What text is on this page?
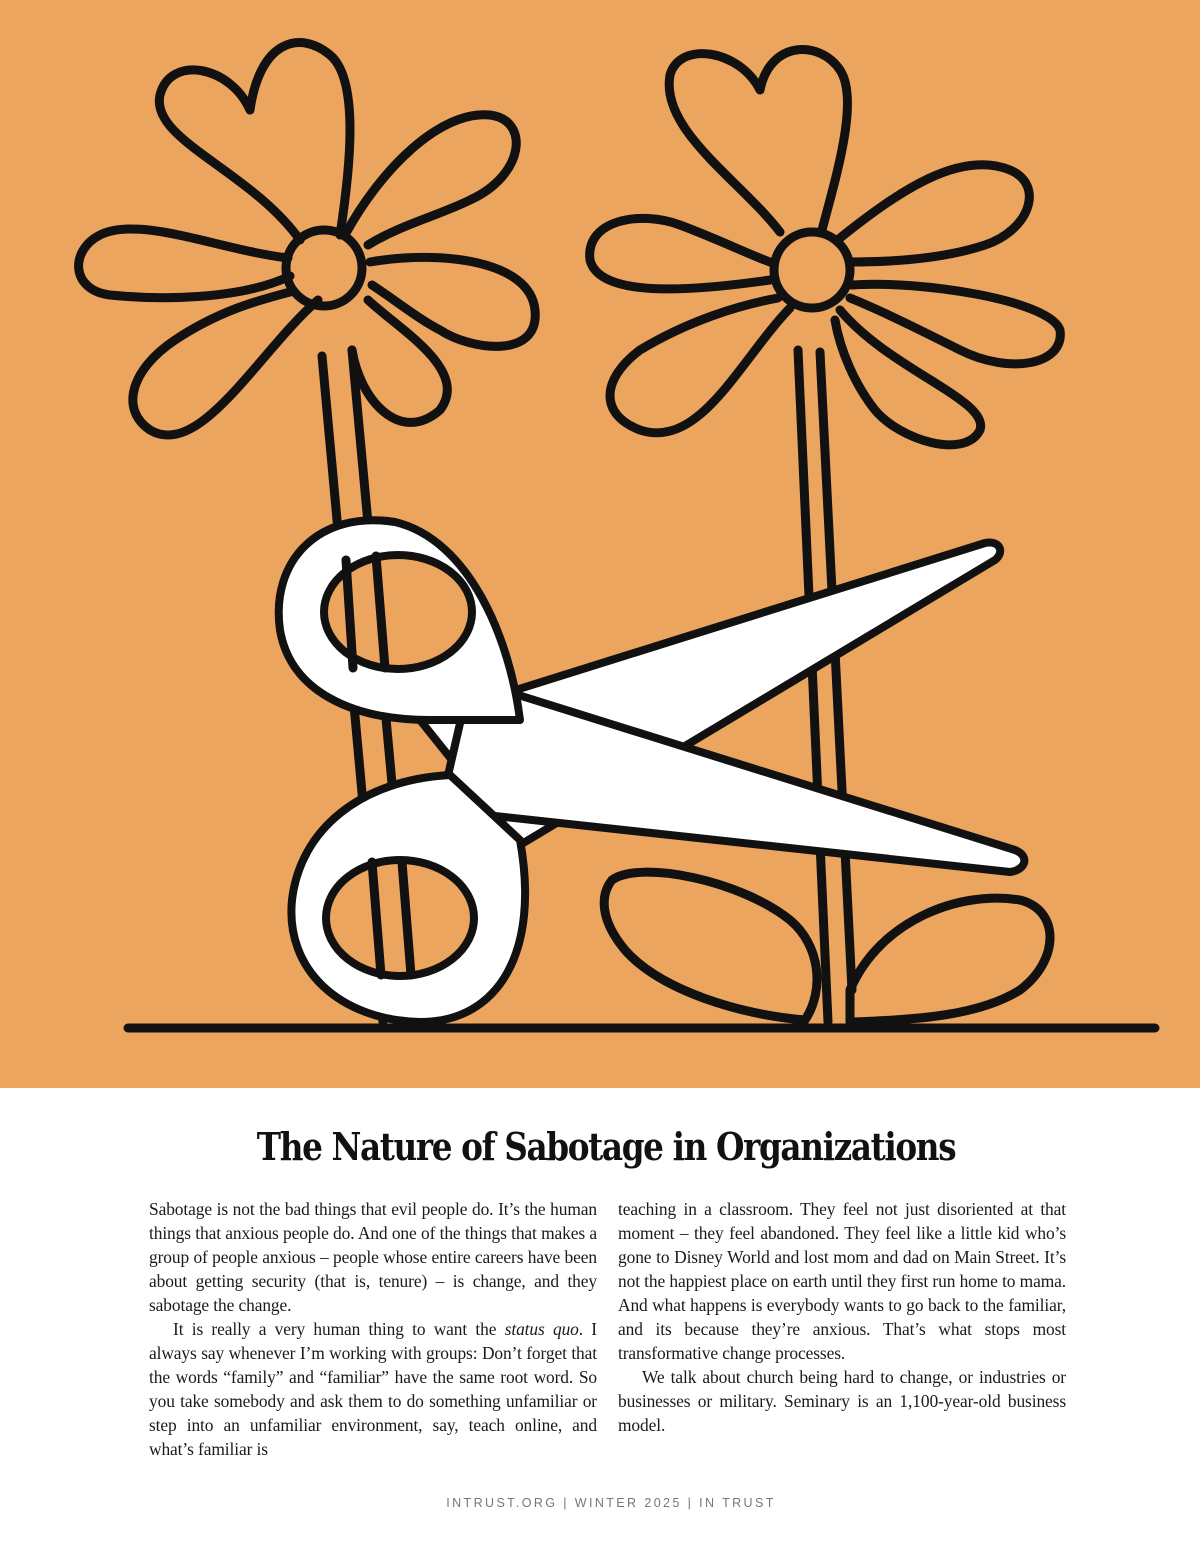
The Nature of Sabotage in Organizations

Sabotage is not the bad things that evil people do. It’s the human things that anxious people do. And one of the things that makes a group of people anxious – people whose entire careers have been about getting security (that is, tenure) – is change, and they sabotage the change.

It is really a very human thing to want the status quo. I always say whenever I’m working with groups: Don’t forget that the words “family” and “familiar” have the same root word. So you take somebody and ask them to do something unfamiliar or step into an unfamiliar environment, say, teach online, and what’s familiar is

teaching in a classroom. They feel not just disoriented at that moment – they feel abandoned. They feel like a little kid who’s gone to Disney World and lost mom and dad on Main Street. It’s not the happiest place on earth until they first run home to mama. And what happens is everybody wants to go back to the familiar, and its because they’re anxious. That’s what stops most transformative change processes.

We talk about church being hard to change, or industries or businesses or military. Seminary is an 1,100-year-old business model.

INTRUST.ORG | WINTER 2025 | IN TRUST
